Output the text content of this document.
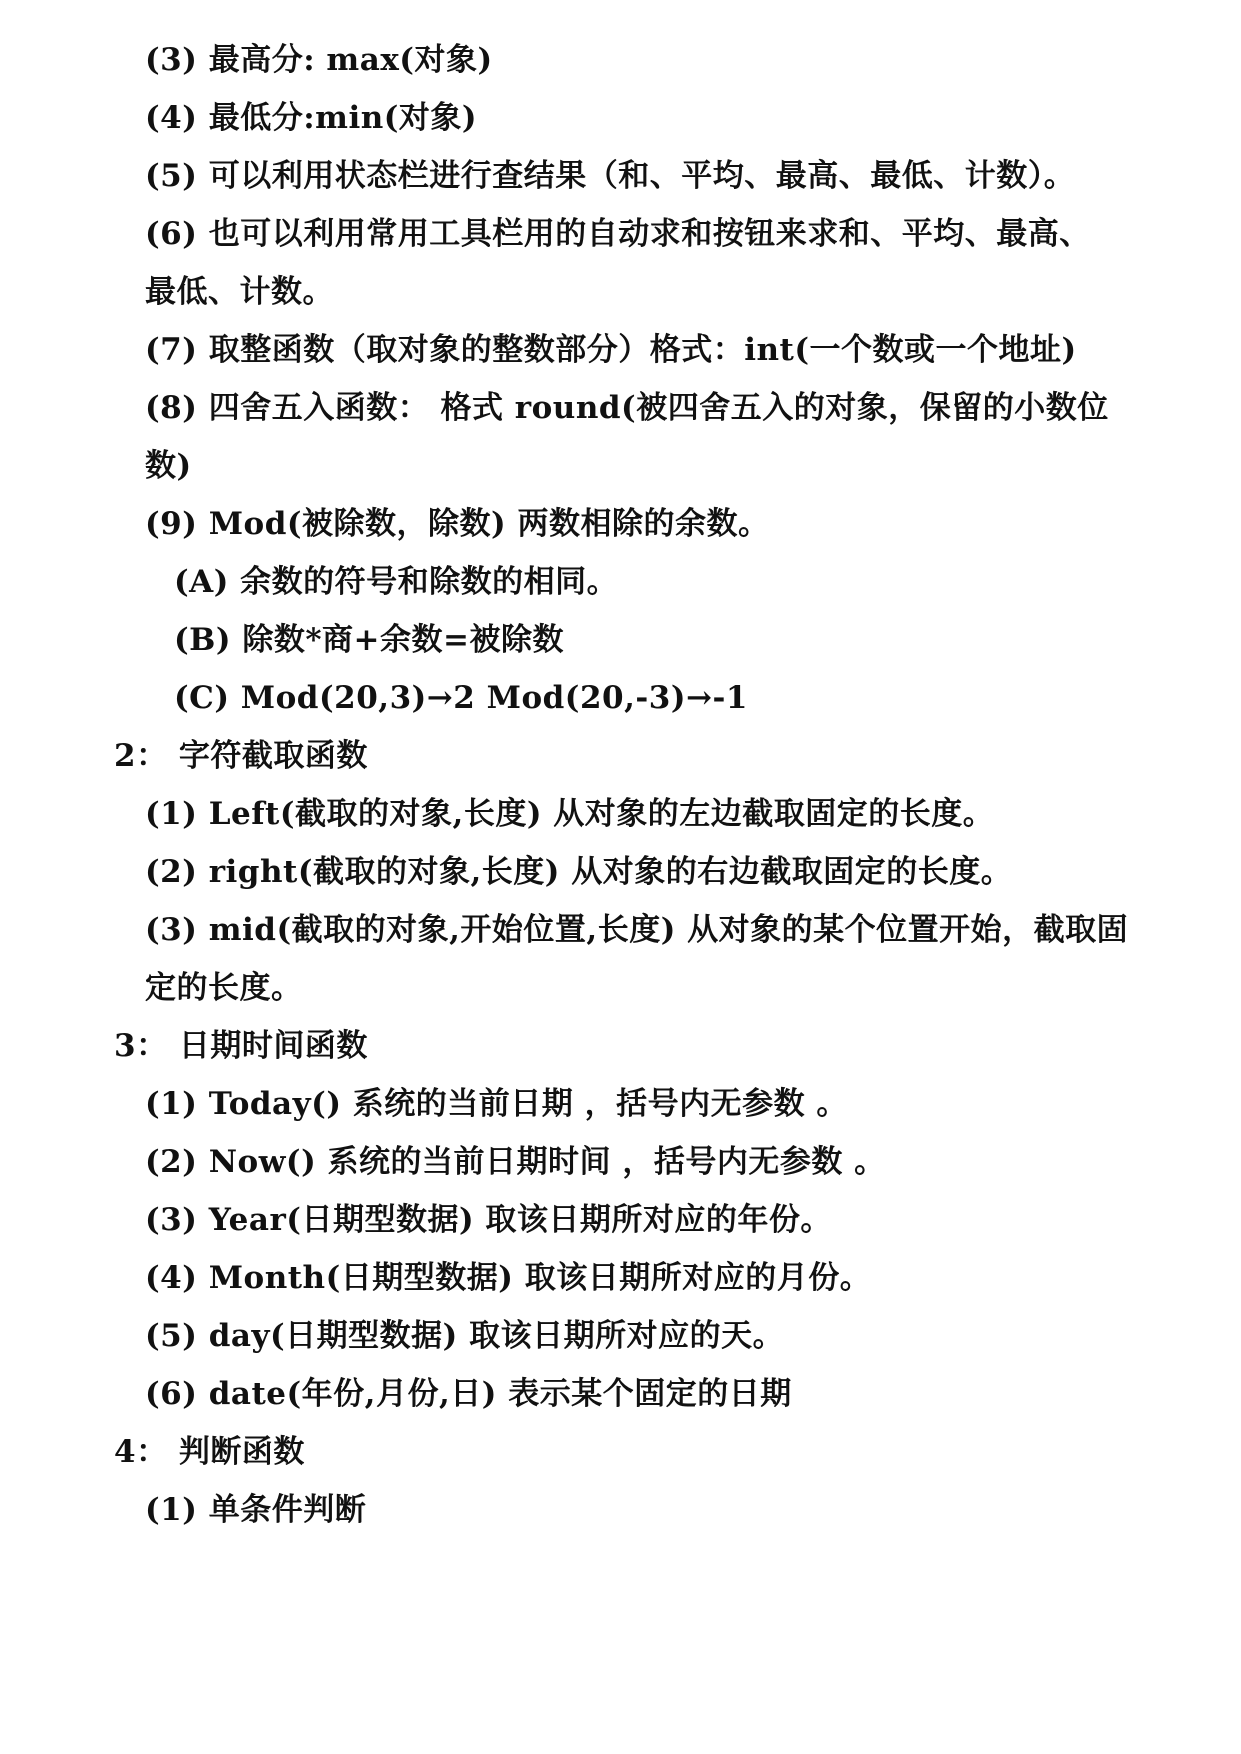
(3) 最高分: max(对象)
(4) 最低分:min(对象)
(5) 可以利用状态栏进行查结果（和、平均、最高、最低、计数）。
(6) 也可以利用常用工具栏用的自动求和按钮来求和、平均、最高、
最低、计数。
(7) 取整函数（取对象的整数部分）格式：int(一个数或一个地址)
(8) 四舍五入函数： 格式 round(被四舍五入的对象，保留的小数位
数)
(9) Mod(被除数，除数) 两数相除的余数。
(A) 余数的符号和除数的相同。
(B) 除数*商+余数=被除数
(C) Mod(20,3)→2 Mod(20,-3)→-1
2： 字符截取函数
(1) Left(截取的对象,长度) 从对象的左边截取固定的长度。
(2) right(截取的对象,长度) 从对象的右边截取固定的长度。
(3) mid(截取的对象,开始位置,长度) 从对象的某个位置开始，截取固
定的长度。
3： 日期时间函数
(1) Today() 系统的当前日期 ，括号内无参数 。
(2) Now() 系统的当前日期时间 ，括号内无参数 。
(3) Year(日期型数据) 取该日期所对应的年份。
(4) Month(日期型数据) 取该日期所对应的月份。
(5) day(日期型数据) 取该日期所对应的天。
(6) date(年份,月份,日) 表示某个固定的日期
4： 判断函数
(1) 单条件判断
